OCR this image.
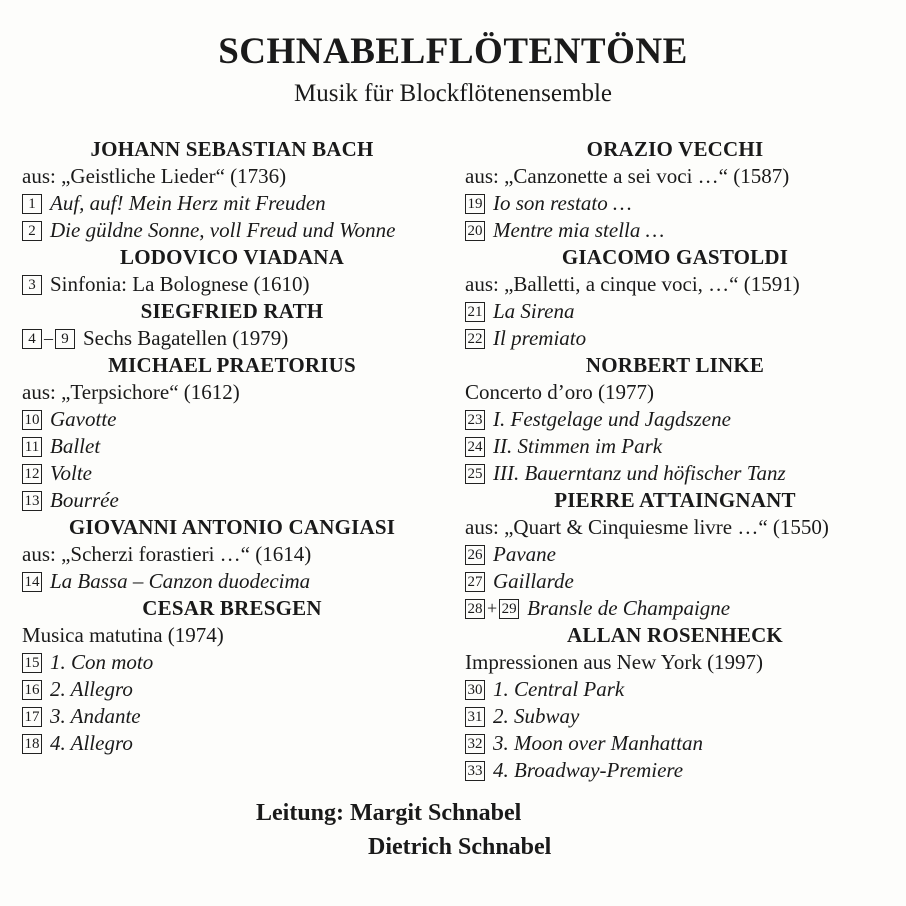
SCHNABELFLÖTENTÖNE
Musik für Blockflötenensemble
JOHANN SEBASTIAN BACH
aus: „Geistliche Lieder“ (1736)
1 Auf, auf! Mein Herz mit Freuden
2 Die güldne Sonne, voll Freud und Wonne
LODOVICO VIADANA
3 Sinfonia: La Bolognese (1610)
SIEGFRIED RATH
4 – 9 Sechs Bagatellen (1979)
MICHAEL PRAETORIUS
aus: „Terpsichore“ (1612)
10 Gavotte
11 Ballet
12 Volte
13 Bourrée
GIOVANNI ANTONIO CANGIASI
aus: „Scherzi forastieri …“ (1614)
14 La Bassa – Canzon duodecima
CESAR BRESGEN
Musica matutina (1974)
15 1. Con moto
16 2. Allegro
17 3. Andante
18 4. Allegro
ORAZIO VECCHI
aus: „Canzonette a sei voci …“ (1587)
19 Io son restato …
20 Mentre mia stella …
GIACOMO GASTOLDI
aus: „Balletti, a cinque voci, …“ (1591)
21 La Sirena
22 Il premiato
NORBERT LINKE
Concerto d’oro (1977)
23 I. Festgelage und Jagdszene
24 II. Stimmen im Park
25 III. Bauerntanz und höfischer Tanz
PIERRE ATTAINGNANT
aus: „Quart & Cinquiesme livre …“ (1550)
26 Pavane
27 Gaillarde
28 + 29 Bransle de Champaigne
ALLAN ROSENHECK
Impressionen aus New York (1997)
30 1. Central Park
31 2. Subway
32 3. Moon over Manhattan
33 4. Broadway-Premiere
Leitung: Margit Schnabel
Dietrich Schnabel
